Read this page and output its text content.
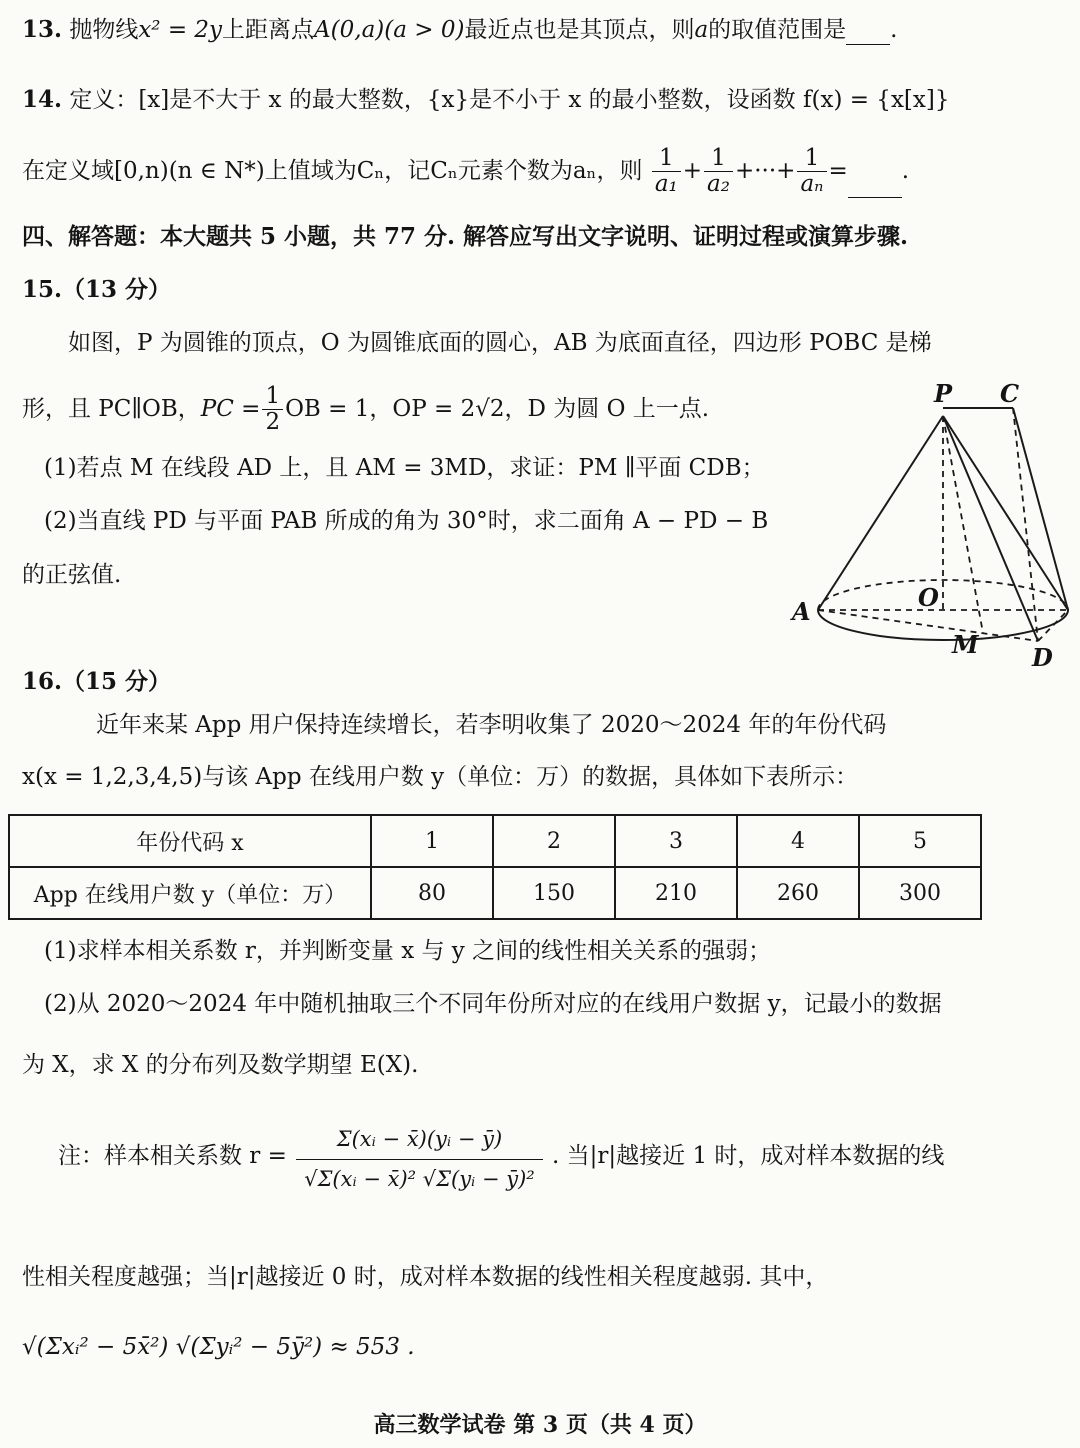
13. 抛物线x² = 2y上距离点A(0,a)(a > 0)最近点也是其顶点，则a的取值范围是 .
14. 定义：[x]是不大于 x 的最大整数，{x}是不小于 x 的最小整数，设函数 f(x) = {x[x]}
在定义域[0,n)(n ∈ N*)上值域为Cₙ，记Cₙ元素个数为aₙ，则 $\frac{1}{\text{a₁}} + \frac{1}{\text{a₂}}$ +···+ $\frac{1}{\text{aₙ}}$ = .
四、解答题：本大题共 5 小题，共 77 分. 解答应写出文字说明、证明过程或演算步骤.
15.（13 分）
如图，P 为圆锥的顶点，O 为圆锥底面的圆心，AB 为底面直径，四边形 POBC 是梯
形，且 PC∥OB，PC = $\frac{1}{2}$ OB = 1，OP = 2√2，D 为圆 O 上一点.
(1)若点 M 在线段 AD 上，且 AM = 3MD，求证：PM ∥平面 CDB；
(2)当直线 PD 与平面 PAB 所成的角为 30°时，求二面角 A − PD − B
的正弦值.
P C
O
A
M D
16.（15 分）
近年来某 App 用户保持连续增长，若李明收集了 2020～2024 年的年份代码
x(x = 1,2,3,4,5)与该 App 在线用户数 y（单位：万）的数据，具体如下表所示：
年份代码 x	1	2	3	4	5
App 在线用户数 y（单位：万）	80	150	210	260	300
(1)求样本相关系数 r，并判断变量 x 与 y 之间的线性相关关系的强弱；
(2)从 2020～2024 年中随机抽取三个不同年份所对应的在线用户数据 y，记最小的数据
为 X，求 X 的分布列及数学期望 E(X).
注：样本相关系数 $r = \frac{\text{Σ(xᵢ − x̄)(yᵢ − ȳ)}}{\text{√Σ(xᵢ − x̄)² √Σ(yᵢ − ȳ)²}}$ . 当|r|越接近 1 时，成对样本数据的线
性相关程度越强；当|r|越接近 0 时，成对样本数据的线性相关程度越弱. 其中，
√(Σxᵢ² − 5x̄²) √(Σyᵢ² − 5ȳ²) ≈ 553 .
高三数学试卷 第 3 页（共 4 页）
